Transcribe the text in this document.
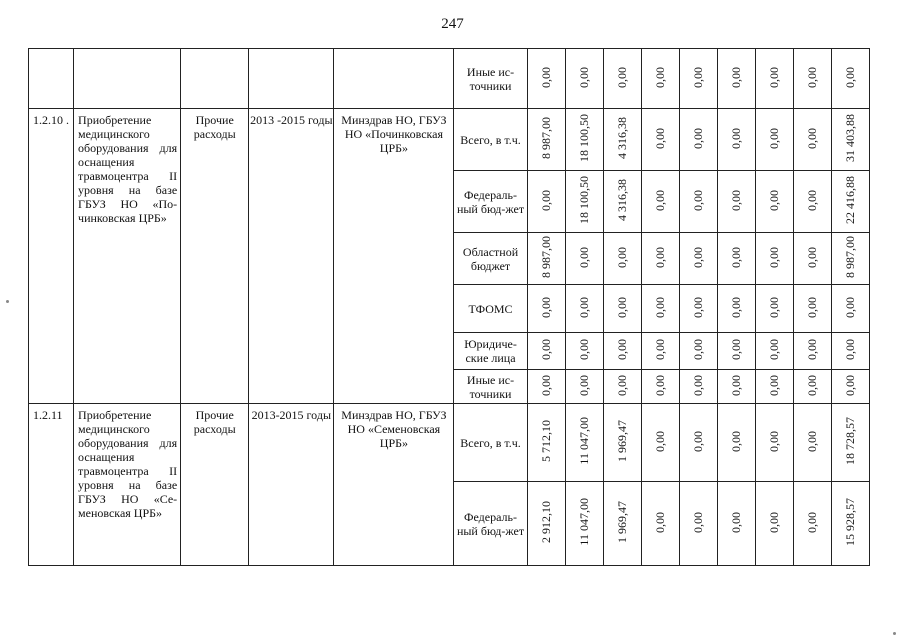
247
					Иные ис-точники	0,00	0,00	0,00	0,00	0,00	0,00	0,00	0,00	0,00
1.2.10 .	Приобретение медицинского оборудования для оснащения травмоцентра II уровня на базе ГБУЗ НО «По-чинковская ЦРБ»	Прочие расходы	2013 -2015 годы	Минздрав НО, ГБУЗ НО «Починковская ЦРБ»	Всего, в т.ч.	8 987,00	18 100,50	4 316,38	0,00	0,00	0,00	0,00	0,00	31 403,88
					Федераль-ный бюд-жет	0,00	18 100,50	4 316,38	0,00	0,00	0,00	0,00	0,00	22 416,88
					Областной бюджет	8 987,00	0,00	0,00	0,00	0,00	0,00	0,00	0,00	8 987,00
					ТФОМС	0,00	0,00	0,00	0,00	0,00	0,00	0,00	0,00	0,00
					Юридиче-ские лица	0,00	0,00	0,00	0,00	0,00	0,00	0,00	0,00	0,00
					Иные ис-точники	0,00	0,00	0,00	0,00	0,00	0,00	0,00	0,00	0,00
1.2.11	Приобретение медицинского оборудования для оснащения травмоцентра II уровня на базе ГБУЗ НО «Се-меновская ЦРБ»	Прочие расходы	2013-2015 годы	Минздрав НО, ГБУЗ НО «Семеновская ЦРБ»	Всего, в т.ч.	5 712,10	11 047,00	1 969,47	0,00	0,00	0,00	0,00	0,00	18 728,57
					Федераль-ный бюд-жет	2 912,10	11 047,00	1 969,47	0,00	0,00	0,00	0,00	0,00	15 928,57
